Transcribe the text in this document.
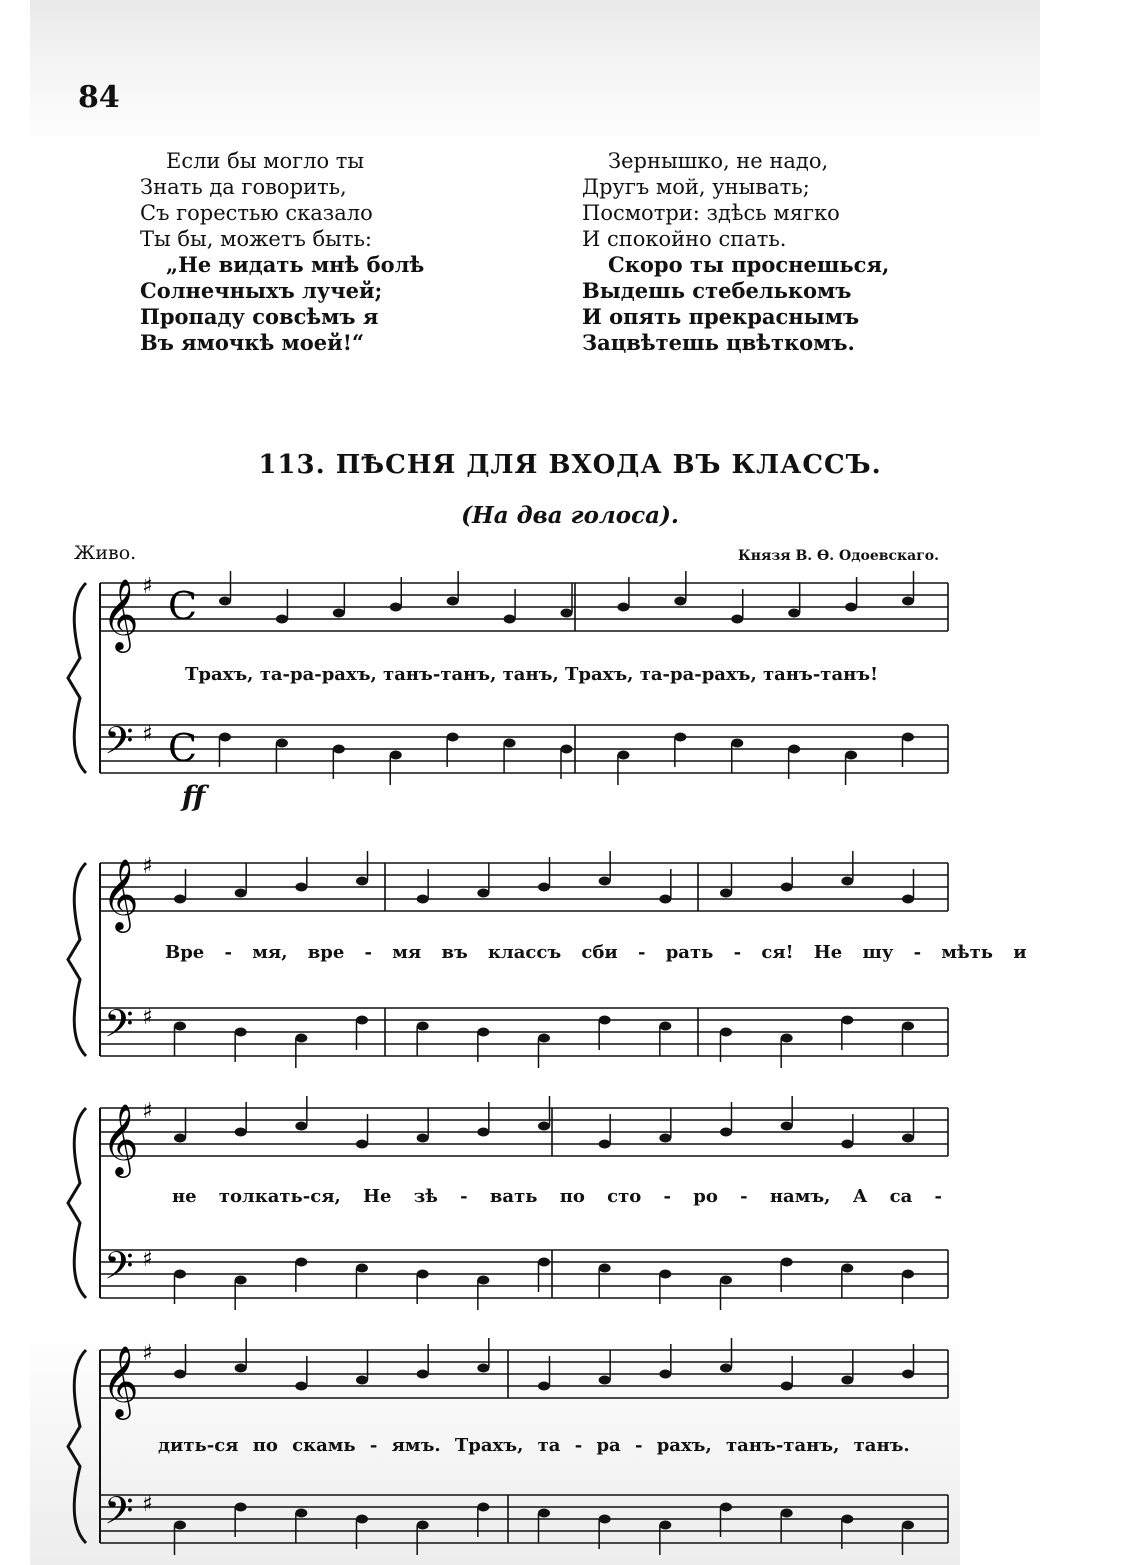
84
Если бы могло ты
Знать да говорить,
Съ горестью сказало
Ты бы, можетъ быть:
„Не видать мнѣ болѣ
Солнечныхъ лучей;
Пропаду совсѣмъ я
Въ ямочкѣ моей!“
Зернышко, не надо,
Другъ мой, унывать;
Посмотри: здѣсь мягко
И спокойно спать.
Скоро ты проснешься,
Выдешь стебелькомъ
И опять прекраснымъ
Зацвѣтешь цвѣткомъ.
113. ПѢСНЯ ДЛЯ ВХОДА ВЪ КЛАССЪ.
(На два голоса).
Живо.	Князя В. Ө. Одоевскаго.
ff
𝄞
𝄢
♯
♯
C
C
𝄞
𝄢
♯
♯
𝄞
𝄢
♯
♯
𝄞
𝄢
♯
♯
Трахъ, та-ра-рахъ, танъ-танъ, танъ, Трахъ, та-ра-рахъ, танъ-танъ!
Вре - мя, вре - мя въ классъ сби - рать - ся! Не шу - мѣть и
не толкать-ся, Не зѣ - вать по сто - ро - намъ, А са -
дить-ся по скамь - ямъ. Трахъ, та - ра - рахъ, танъ-танъ, танъ.
